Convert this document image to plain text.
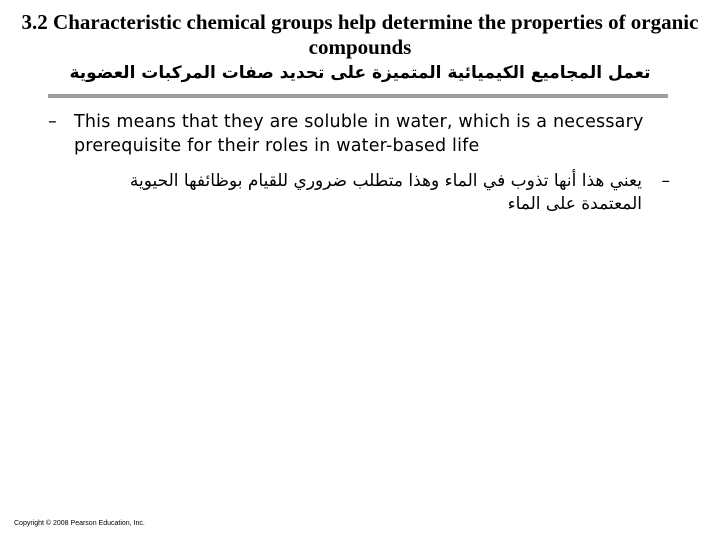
3.2 Characteristic chemical groups help determine the properties of organic compounds
تعمل المجاميع الكيميائية المتميزة على تحديد صفات المركبات العضوية
– This means that they are soluble in water, which is a necessary prerequisite for their roles in water-based life
–
يعني هذا أنها تذوب في الماء وهذا متطلب ضروري للقيام بوظائفها الحيوية المعتمدة على الماء
Copyright © 2008 Pearson Education, Inc.
